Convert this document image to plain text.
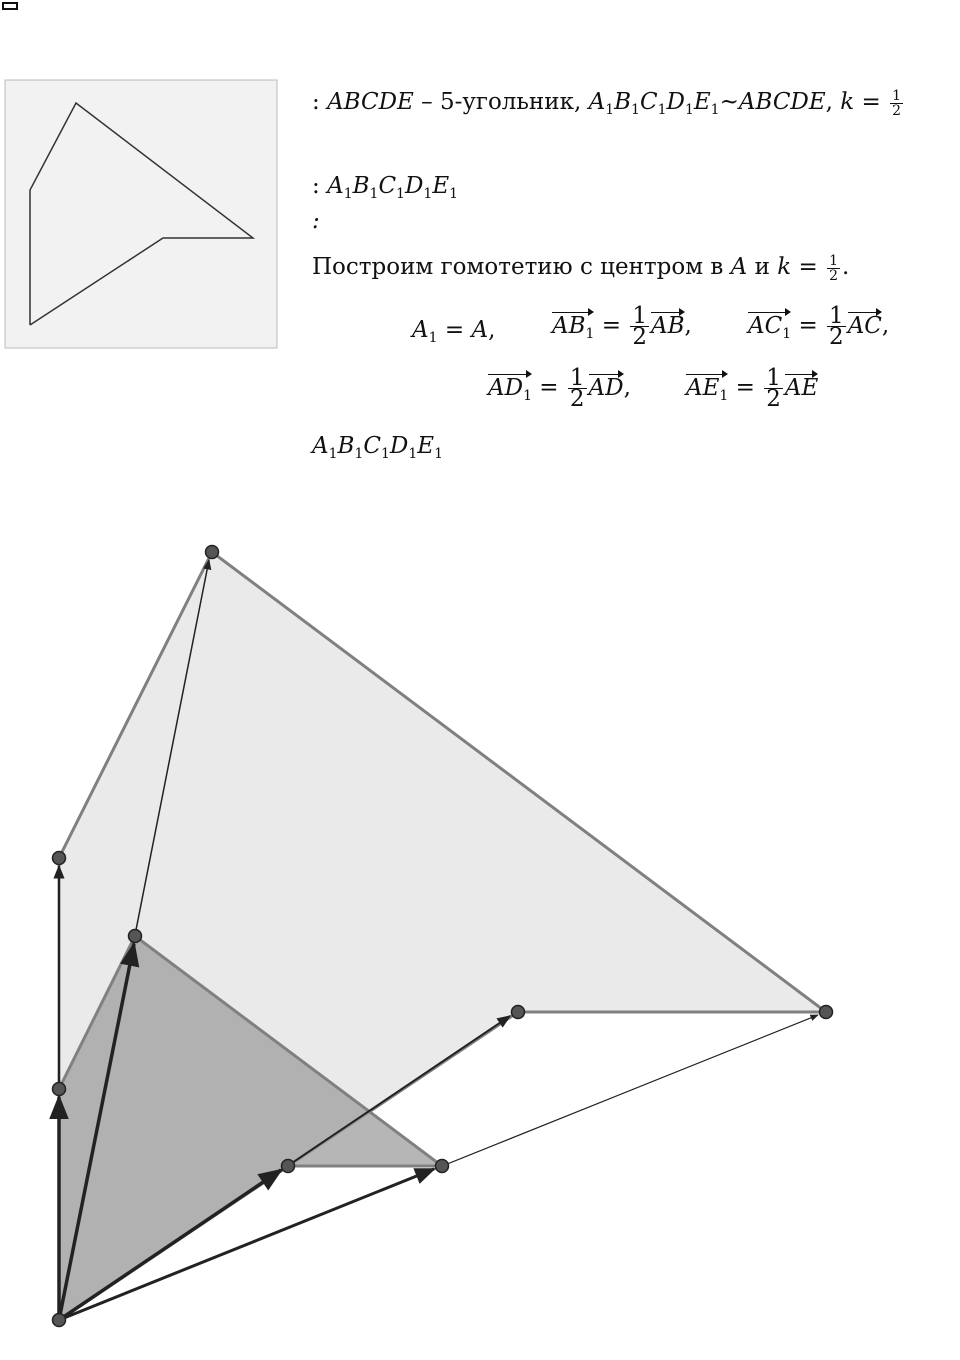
: ABCDE – 5-угольник, $A_1B_1C_1D_1E_1$
~ABCDE, $k = \frac{1}{2}$
: $A_1B_1C_1D_1E_1$
:
Построим гомотетию с центром в A и $k = \frac{1}{2}$ .
$A_1 = A$, $AB_1 = \frac{1}{2}$ AB, $AC_1 = \frac{1}{2}$ AC,
$AD_1 = \frac{1}{2}$ AD, $AE_1 = \frac{1}{2}$ AE
$A_1B_1C_1D_1E_1$
